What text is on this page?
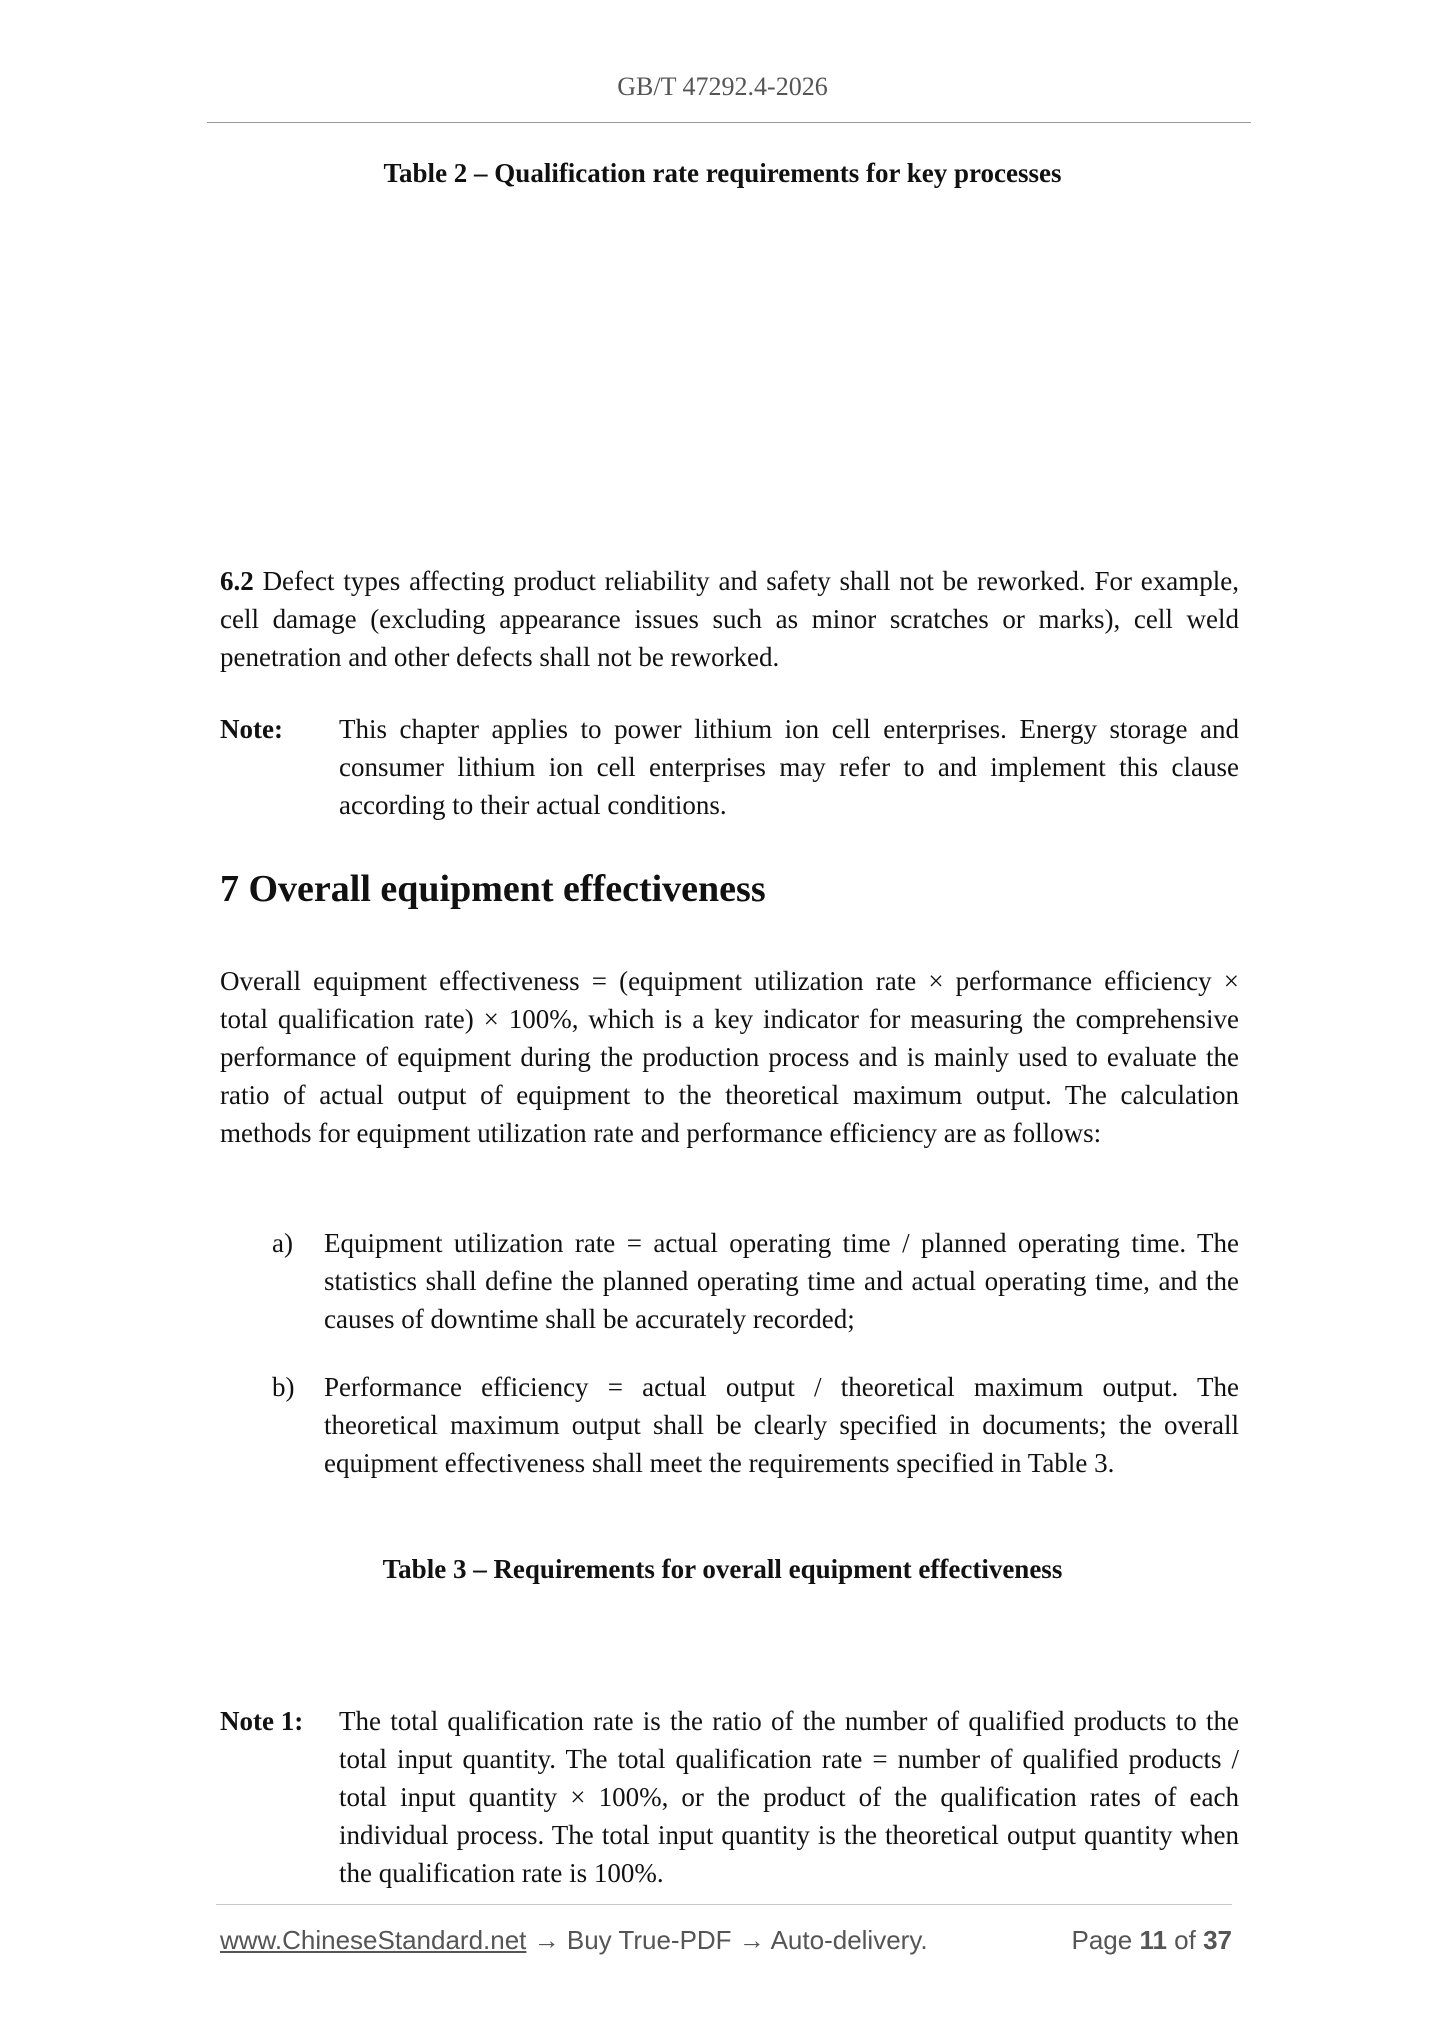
GB/T 47292.4-2026
Table 2 – Qualification rate requirements for key processes
6.2 Defect types affecting product reliability and safety shall not be reworked. For example, cell damage (excluding appearance issues such as minor scratches or marks), cell weld penetration and other defects shall not be reworked.
Note: This chapter applies to power lithium ion cell enterprises. Energy storage and consumer lithium ion cell enterprises may refer to and implement this clause according to their actual conditions.
7 Overall equipment effectiveness
Overall equipment effectiveness = (equipment utilization rate × performance efficiency × total qualification rate) × 100%, which is a key indicator for measuring the comprehensive performance of equipment during the production process and is mainly used to evaluate the ratio of actual output of equipment to the theoretical maximum output. The calculation methods for equipment utilization rate and performance efficiency are as follows:
a) Equipment utilization rate = actual operating time / planned operating time. The statistics shall define the planned operating time and actual operating time, and the causes of downtime shall be accurately recorded;
b) Performance efficiency = actual output / theoretical maximum output. The theoretical maximum output shall be clearly specified in documents; the overall equipment effectiveness shall meet the requirements specified in Table 3.
Table 3 – Requirements for overall equipment effectiveness
Note 1: The total qualification rate is the ratio of the number of qualified products to the total input quantity. The total qualification rate = number of qualified products / total input quantity × 100%, or the product of the qualification rates of each individual process. The total input quantity is the theoretical output quantity when the qualification rate is 100%.
www.ChineseStandard.net → Buy True-PDF → Auto-delivery.	Page 11 of 37
